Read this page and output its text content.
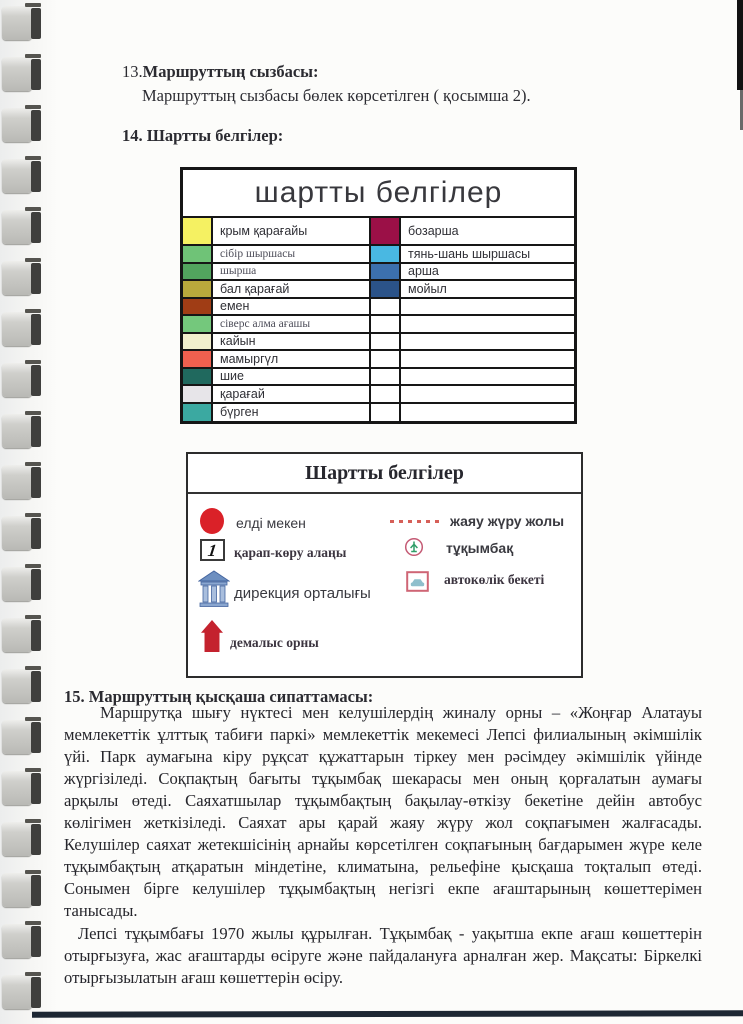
13.Маршруттың сызбасы:
Маршруттың сызбасы бөлек көрсетілген ( қосымша 2).
14. Шартты белгілер:
шартты белгілер
крым қарағайы	бозарша
сібір шыршасы	тянь-шань шыршасы
шырша	арша
бал қарағай	мойыл
емен
сіверс алма ағашы
кайын
мамыргүл
шие
қарағай
бүрген
Шартты белгілер
елді мекен	жаяу жүру жолы
1 қарап-көру алаңы	тұқымбақ
дирекция орталығы
автокөлік бекеті
демалыс орны
15. Маршруттың қысқаша сипаттамасы:

Маршрутқа шығу нүктесі мен келушілердің жиналу орны – «Жоңғар Алатауы мемлекеттік ұлттық табиғи паркі» мемлекеттік мекемесі Лепсі филиалының әкімшілік үйі. Парк аумағына кіру рұқсат құжаттарын тіркеу мен рәсімдеу әкімшілік үйінде жүргізіледі. Соқпақтың бағыты тұқымбақ шекарасы мен оның қорғалатын аумағы арқылы өтеді. Саяхатшылар тұқымбақтың бақылау-өткізу бекетіне дейін автобус көлігімен жеткізіледі. Саяхат ары қарай жаяу жүру жол соқпағымен жалғасады. Келушілер саяхат жетекшісінің арнайы көрсетілген соқпағының бағдарымен жүре келе тұқымбақтың атқаратын міндетіне, климатына, рельефіне қысқаша тоқталып өтеді. Сонымен бірге келушілер тұқымбақтың негізгі екпе ағаштарының көшеттерімен танысады.

Лепсі тұқымбағы 1970 жылы құрылған. Тұқымбақ - уақытша екпе ағаш көшеттерін отырғызуға, жас ағаштарды өсіруге және пайдалануға арналған жер. Мақсаты: Біркелкі отырғызылатын ағаш көшеттерін өсіру.
